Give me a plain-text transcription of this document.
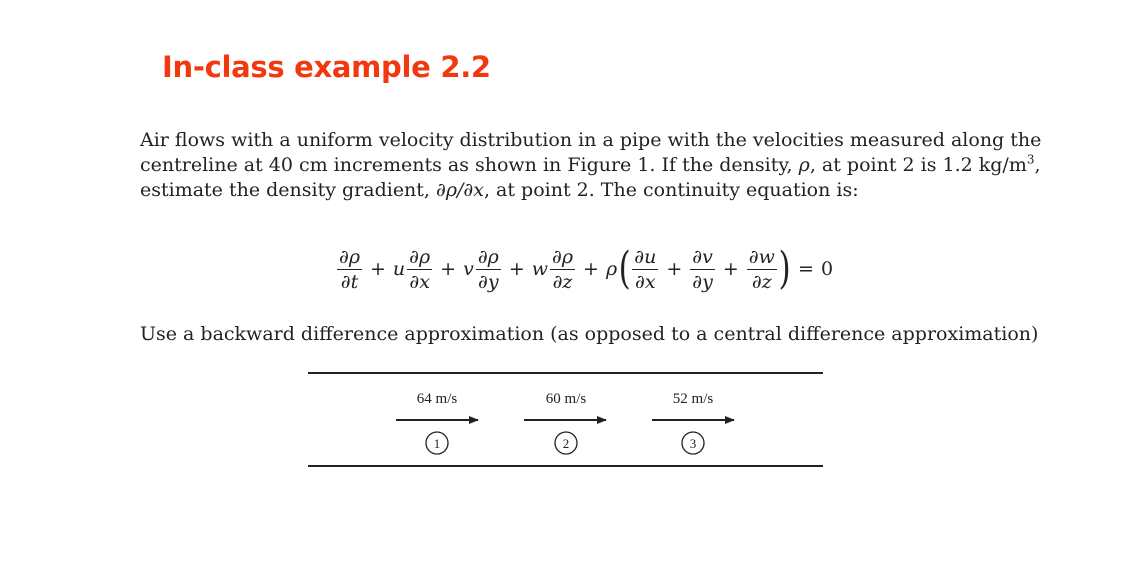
In-class example 2.2
Air flows with a uniform velocity distribution in a pipe with the velocities measured along the
centreline at 40 cm increments as shown in Figure 1. If the density, ρ, at point 2 is 1.2 $kg/m^3$,
estimate the density gradient, ∂ρ/∂x, at point 2. The continuity equation is:
$\frac{\partial\rho}{\partial t} + u \frac{\partial\rho}{\partial x} + v \frac{\partial\rho}{\partial y} + w \frac{\partial\rho}{\partial z} + \rho$ ( $\frac{\partial u}{\partial x} + \frac{\partial v}{\partial y} + \frac{\partial w}{\partial z}$ ) = 0

Use a backward difference approximation (as opposed to a central difference approximation)

64 m/s
1
60 m/s
2
52 m/s
3
